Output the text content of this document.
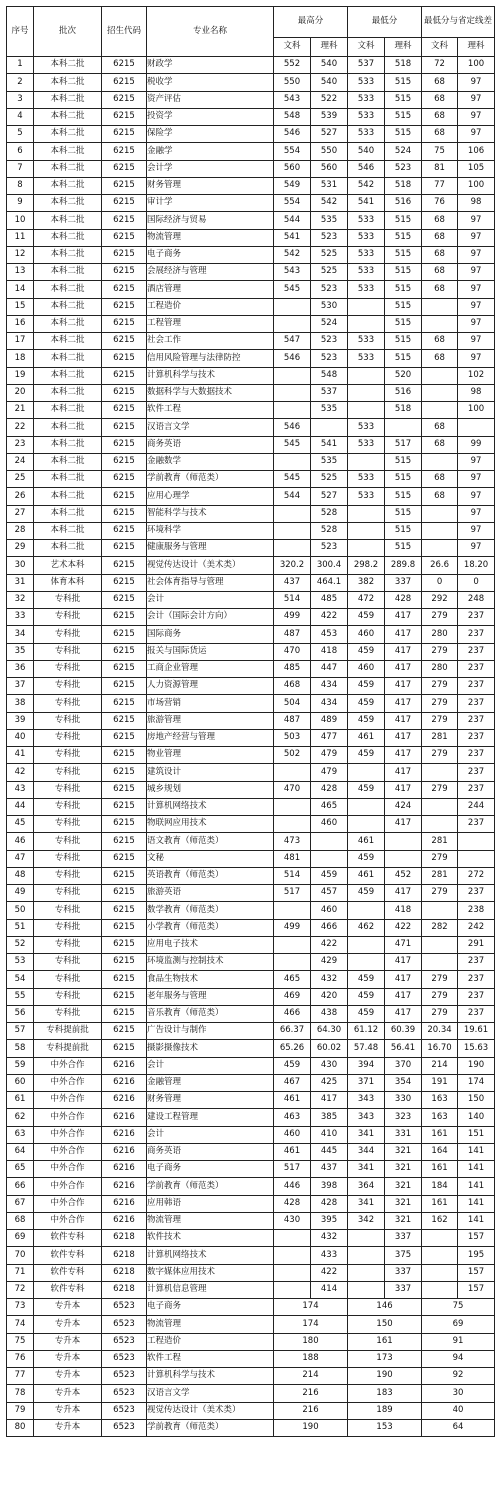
序号	批次	招生代码	专业名称	最高分		最低分		最低分与省定线差	
				文科	理科	文科	理科	文科	理科
1	本科二批	6215	财政学	552	540	537	518	72	100
2	本科二批	6215	税收学	550	540	533	515	68	97
3	本科二批	6215	资产评估	543	522	533	515	68	97
4	本科二批	6215	投资学	548	539	533	515	68	97
5	本科二批	6215	保险学	546	527	533	515	68	97
6	本科二批	6215	金融学	554	550	540	524	75	106
7	本科二批	6215	会计学	560	560	546	523	81	105
8	本科二批	6215	财务管理	549	531	542	518	77	100
9	本科二批	6215	审计学	554	542	541	516	76	98
10	本科二批	6215	国际经济与贸易	544	535	533	515	68	97
11	本科二批	6215	物流管理	541	523	533	515	68	97
12	本科二批	6215	电子商务	542	525	533	515	68	97
13	本科二批	6215	会展经济与管理	543	525	533	515	68	97
14	本科二批	6215	酒店管理	545	523	533	515	68	97
15	本科二批	6215	工程造价		530		515		97
16	本科二批	6215	工程管理		524		515		97
17	本科二批	6215	社会工作	547	523	533	515	68	97
18	本科二批	6215	信用风险管理与法律防控	546	523	533	515	68	97
19	本科二批	6215	计算机科学与技术		548		520		102
20	本科二批	6215	数据科学与大数据技术		537		516		98
21	本科二批	6215	软件工程		535		518		100
22	本科二批	6215	汉语言文学	546		533		68	
23	本科二批	6215	商务英语	545	541	533	517	68	99
24	本科二批	6215	金融数学		535		515		97
25	本科二批	6215	学前教育（师范类）	545	525	533	515	68	97
26	本科二批	6215	应用心理学	544	527	533	515	68	97
27	本科二批	6215	智能科学与技术		528		515		97
28	本科二批	6215	环境科学		528		515		97
29	本科二批	6215	健康服务与管理		523		515		97
30	艺术本科	6215	视觉传达设计（美术类）	320.2	300.4	298.2	289.8	26.6	18.20
31	体育本科	6215	社会体育指导与管理	437	464.1	382	337	0	0
32	专科批	6215	会计	514	485	472	428	292	248
33	专科批	6215	会计（国际会计方向）	499	422	459	417	279	237
34	专科批	6215	国际商务	487	453	460	417	280	237
35	专科批	6215	报关与国际货运	470	418	459	417	279	237
36	专科批	6215	工商企业管理	485	447	460	417	280	237
37	专科批	6215	人力资源管理	468	434	459	417	279	237
38	专科批	6215	市场营销	504	434	459	417	279	237
39	专科批	6215	旅游管理	487	489	459	417	279	237
40	专科批	6215	房地产经营与管理	503	477	461	417	281	237
41	专科批	6215	物业管理	502	479	459	417	279	237
42	专科批	6215	建筑设计		479		417		237
43	专科批	6215	城乡规划	470	428	459	417	279	237
44	专科批	6215	计算机网络技术		465		424		244
45	专科批	6215	物联网应用技术		460		417		237
46	专科批	6215	语文教育（师范类）	473		461		281	
47	专科批	6215	文秘	481		459		279	
48	专科批	6215	英语教育（师范类）	514	459	461	452	281	272
49	专科批	6215	旅游英语	517	457	459	417	279	237
50	专科批	6215	数学教育（师范类）		460		418		238
51	专科批	6215	小学教育（师范类）	499	466	462	422	282	242
52	专科批	6215	应用电子技术		422		471		291
53	专科批	6215	环境监测与控制技术		429		417		237
54	专科批	6215	食品生物技术	465	432	459	417	279	237
55	专科批	6215	老年服务与管理	469	420	459	417	279	237
56	专科批	6215	音乐教育（师范类）	466	438	459	417	279	237
57	专科提前批	6215	广告设计与制作	66.37	64.30	61.12	60.39	20.34	19.61
58	专科提前批	6215	摄影摄像技术	65.26	60.02	57.48	56.41	16.70	15.63
59	中外合作	6216	会计	459	430	394	370	214	190
60	中外合作	6216	金融管理	467	425	371	354	191	174
61	中外合作	6216	财务管理	461	417	343	330	163	150
62	中外合作	6216	建设工程管理	463	385	343	323	163	140
63	中外合作	6216	会计	460	410	341	331	161	151
64	中外合作	6216	商务英语	461	445	344	321	164	141
65	中外合作	6216	电子商务	517	437	341	321	161	141
66	中外合作	6216	学前教育（师范类）	446	398	364	321	184	141
67	中外合作	6216	应用韩语	428	428	341	321	161	141
68	中外合作	6216	物流管理	430	395	342	321	162	141
69	软件专科	6218	软件技术		432		337		157
70	软件专科	6218	计算机网络技术		433		375		195
71	软件专科	6218	数字媒体应用技术		422		337		157
72	软件专科	6218	计算机信息管理		414		337		157
73	专升本	6523	电子商务	174		146		75	
74	专升本	6523	物流管理	174		150		69	
75	专升本	6523	工程造价	180		161		91	
76	专升本	6523	软件工程	188		173		94	
77	专升本	6523	计算机科学与技术	214		190		92	
78	专升本	6523	汉语言文学	216		183		30	
79	专升本	6523	视觉传达设计（美术类）	216		189		40	
80	专升本	6523	学前教育（师范类）	190		153		64	
